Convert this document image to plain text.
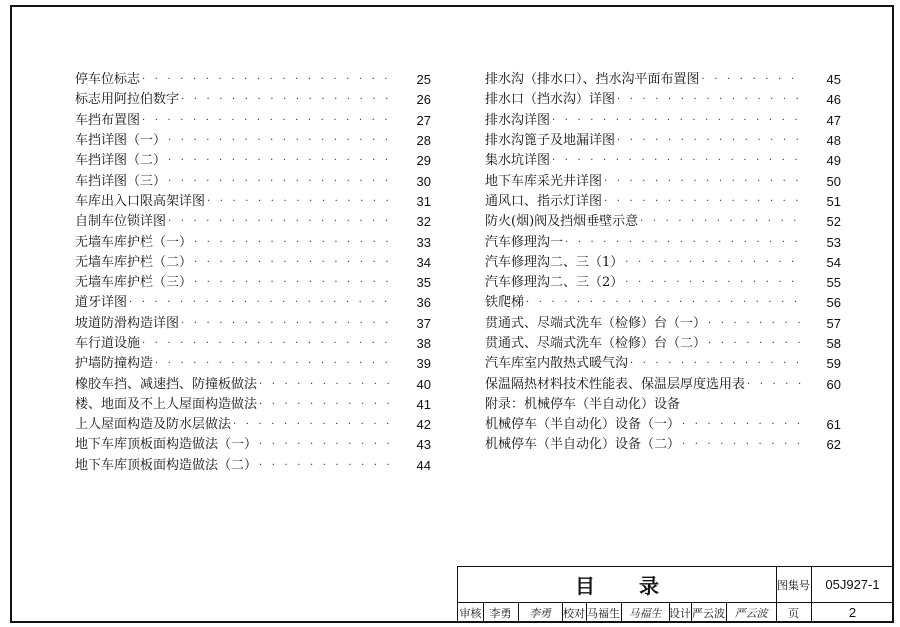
停车位标志 · · ·	25
标志用阿拉伯数字 · · ·	26
车挡布置图 · · ·	27
车挡详图（一） · · ·	28
车挡详图（二） · · ·	29
车挡详图（三） · · ·	30
车库出入口限高架详图 · · ·	31
自制车位锁详图 · · ·	32
无墙车库护栏（一） · · ·	33
无墙车库护栏（二） · · ·	34
无墙车库护栏（三） · · ·	35
道牙详图 · · ·	36
坡道防滑构造详图 · · ·	37
车行道设施 · · ·	38
护墙防撞构造 · · ·	39
橡胶车挡、减速挡、防撞板做法 · · ·	40
楼、地面及不上人屋面构造做法 · · ·	41
上人屋面构造及防水层做法 · · ·	42
地下车库顶板面构造做法（一） · · ·	43
地下车库顶板面构造做法（二） · · ·	44
排水沟（排水口）、挡水沟平面布置图 · · ·	45
排水口（挡水沟）详图 · · ·	46
排水沟详图 · · ·	47
排水沟篦子及地漏详图 · · ·	48
集水坑详图 · · ·	49
地下车库采光井详图 · · ·	50
通风口、指示灯详图 · · ·	51
防火(烟)阀及挡烟垂壁示意 · · ·	52
汽车修理沟一 · · ·	53
汽车修理沟二、三（1） · · ·	54
汽车修理沟二、三（2） · · ·	55
铁爬梯 · · ·	56
贯通式、尽端式洗车（检修）台（一） · · ·	57
贯通式、尽端式洗车（检修）台（二） · · ·	58
汽车库室内散热式暖气沟 · · ·	59
保温隔热材料技术性能表、保温层厚度选用表 · · ·	60
附录：机械停车（半自动化）设备
机械停车（半自动化）设备（一） · · ·	61
机械停车（半自动化）设备（二） · · ·	62
目录	图集号	05J927-1
审核 李勇	李勇	校对 马福生 马福生 设计 严云波 严云波	页	2
